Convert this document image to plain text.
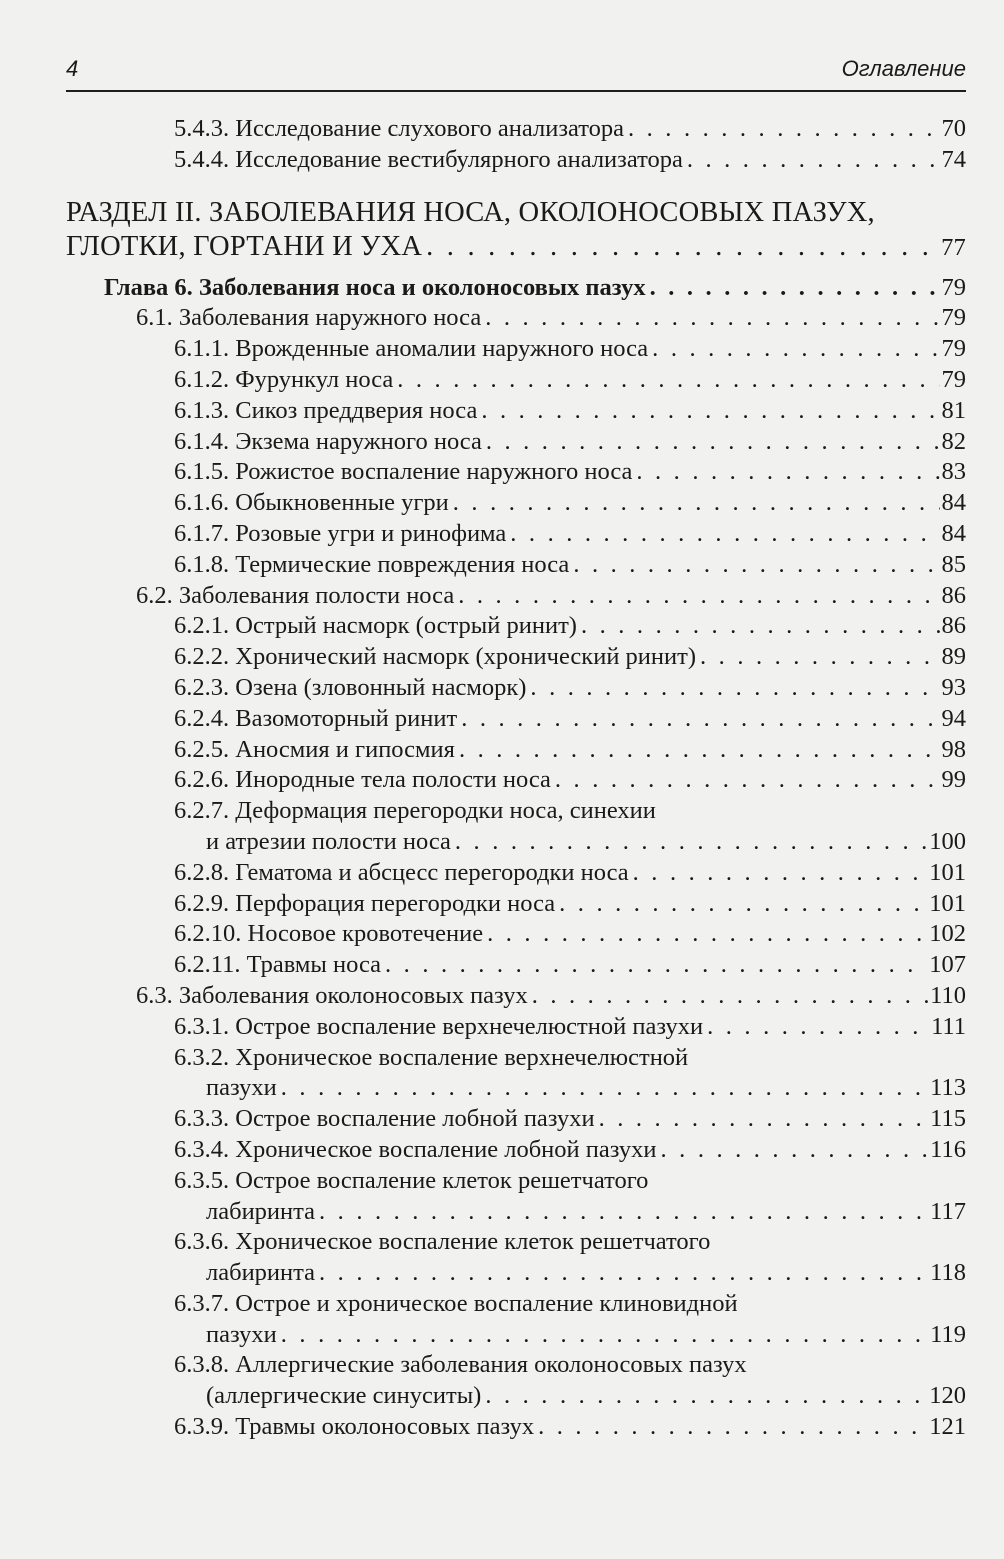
4	Оглавление
5.4.3. Исследование слухового анализатора . . .	70
5.4.4. Исследование вестибулярного анализатора . . .	74
РАЗДЕЛ II. ЗАБОЛЕВАНИЯ НОСА, ОКОЛОНОСОВЫХ ПАЗУХ,
ГЛОТКИ, ГОРТАНИ И УХА . . .	77
Глава 6. Заболевания носа и околоносовых пазух . . .	79
6.1. Заболевания наружного носа . . .	79
6.1.1. Врожденные аномалии наружного носа . . .	79
6.1.2. Фурункул носа . . .	79
6.1.3. Сикоз преддверия носа . . .	81
6.1.4. Экзема наружного носа . . .	82
6.1.5. Рожистое воспаление наружного носа . . .	83
6.1.6. Обыкновенные угри . . .	84
6.1.7. Розовые угри и ринофима . . .	84
6.1.8. Термические повреждения носа . . .	85
6.2. Заболевания полости носа . . .	86
6.2.1. Острый насморк (острый ринит) . . .	86
6.2.2. Хронический насморк (хронический ринит) . . .	89
6.2.3. Озена (зловонный насморк) . . .	93
6.2.4. Вазомоторный ринит . . .	94
6.2.5. Аносмия и гипосмия . . .	98
6.2.6. Инородные тела полости носа . . .	99
6.2.7. Деформация перегородки носа, синехии
и атрезии полости носа . . .	100
6.2.8. Гематома и абсцесс перегородки носа . . .	101
6.2.9. Перфорация перегородки носа . . .	101
6.2.10. Носовое кровотечение . . .	102
6.2.11. Травмы носа . . .	107
6.3. Заболевания околоносовых пазух . . .	110
6.3.1. Острое воспаление верхнечелюстной пазухи . . .	111
6.3.2. Хроническое воспаление верхнечелюстной
пазухи . . .	113
6.3.3. Острое воспаление лобной пазухи . . .	115
6.3.4. Хроническое воспаление лобной пазухи . . .	116
6.3.5. Острое воспаление клеток решетчатого
лабиринта . . .	117
6.3.6. Хроническое воспаление клеток решетчатого
лабиринта . . .	118
6.3.7. Острое и хроническое воспаление клиновидной
пазухи . . .	119
6.3.8. Аллергические заболевания околоносовых пазух
(аллергические синуситы) . . .	120
6.3.9. Травмы околоносовых пазух . . .	121
